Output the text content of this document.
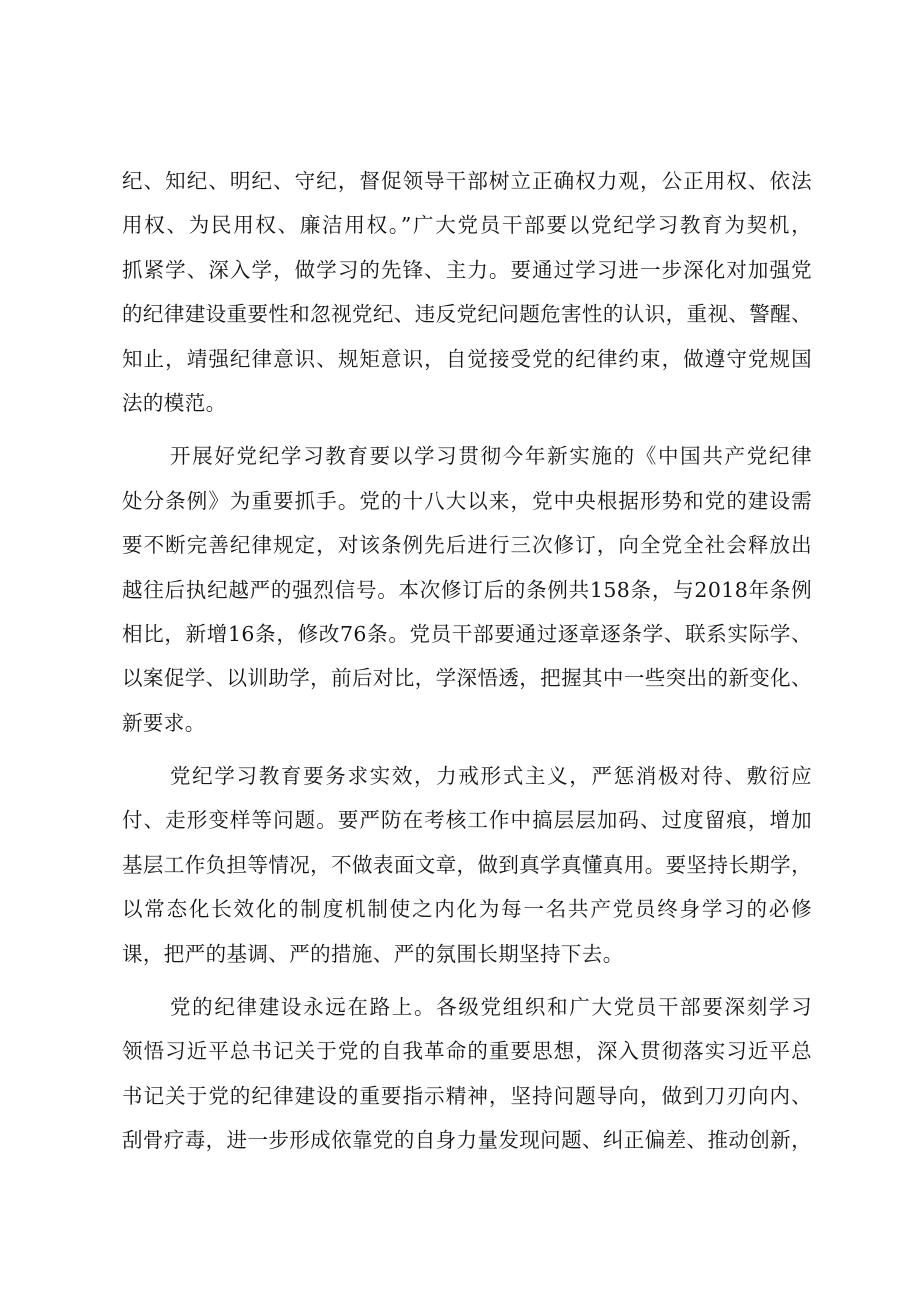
纪、知纪、明纪、守纪，督促领导干部树立正确权力观，公正用权、依法
用权、为民用权、廉洁用权。”广大党员干部要以党纪学习教育为契机，
抓紧学、深入学，做学习的先锋、主力。要通过学习进一步深化对加强党
的纪律建设重要性和忽视党纪、违反党纪问题危害性的认识，重视、警醒、
知止，靖强纪律意识、规矩意识，自觉接受党的纪律约束，做遵守党规国
法的模范。
开展好党纪学习教育要以学习贯彻今年新实施的《中国共产党纪律
处分条例》为重要抓手。党的十八大以来，党中央根据形势和党的建设需
要不断完善纪律规定，对该条例先后进行三次修订，向全党全社会释放出
越往后执纪越严的强烈信号。本次修订后的条例共158条，与2018年条例
相比，新增16条，修改76条。党员干部要通过逐章逐条学、联系实际学、
以案促学、以训助学，前后对比，学深悟透，把握其中一些突出的新变化、
新要求。
党纪学习教育要务求实效，力戒形式主义，严惩消极对待、敷衍应
付、走形变样等问题。要严防在考核工作中搞层层加码、过度留痕，增加
基层工作负担等情况，不做表面文章，做到真学真懂真用。要坚持长期学，
以常态化长效化的制度机制使之内化为每一名共产党员终身学习的必修
课，把严的基调、严的措施、严的氛围长期坚持下去。
党的纪律建设永远在路上。各级党组织和广大党员干部要深刻学习
领悟习近平总书记关于党的自我革命的重要思想，深入贯彻落实习近平总
书记关于党的纪律建设的重要指示精神，坚持问题导向，做到刀刃向内、
刮骨疗毒，进一步形成依靠党的自身力量发现问题、纠正偏差、推动创新，
